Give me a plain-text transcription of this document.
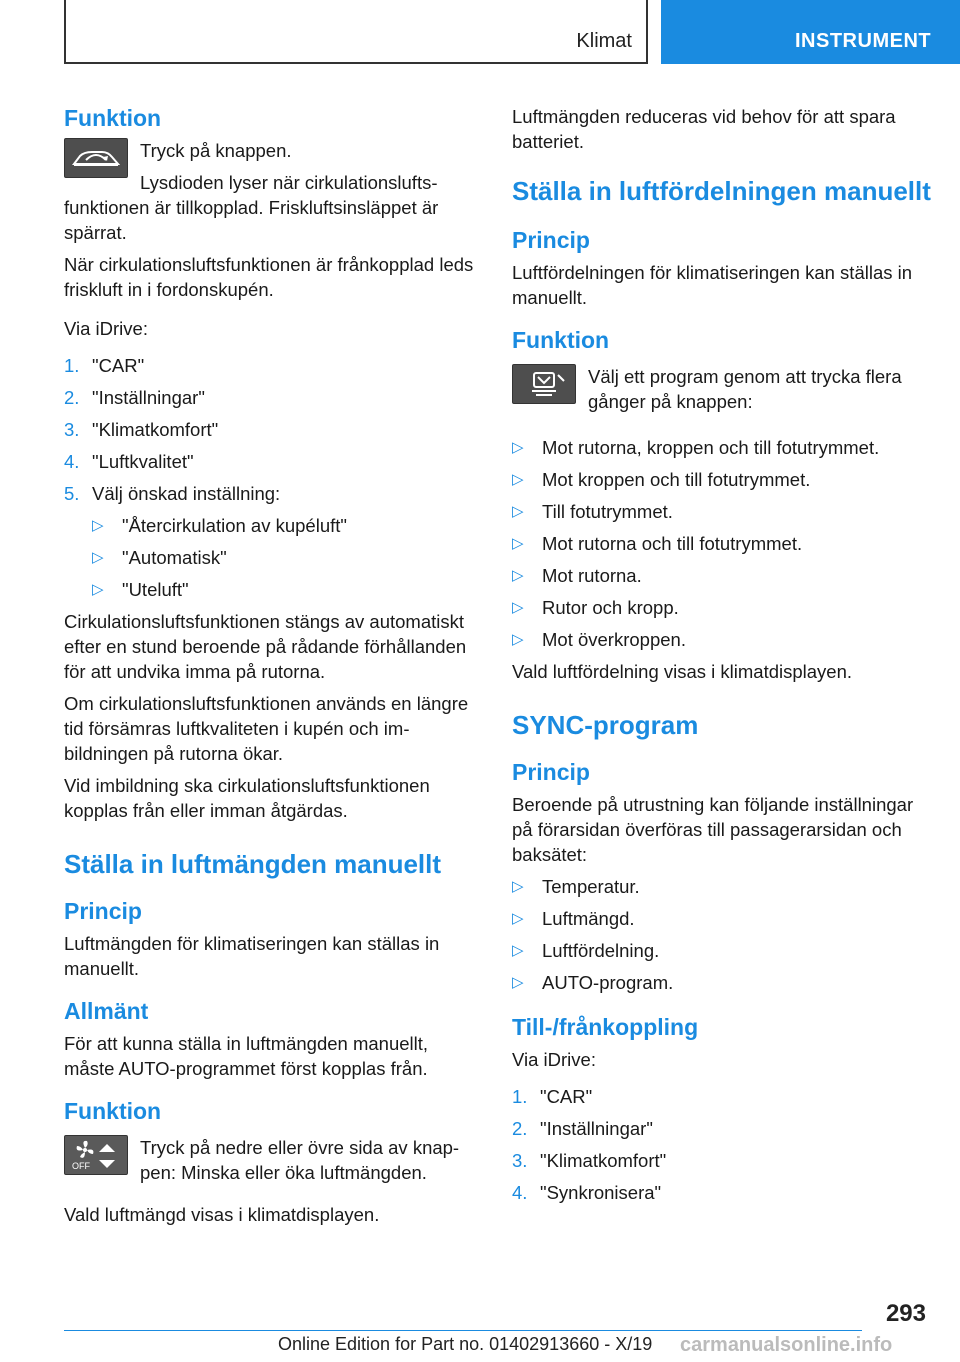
Klimat	INSTRUMENT
Funktion
Tryck på knappen.
Lysdioden lyser när cirkulationslufts-
funktionen är tillkopplad. Friskluftsinsläppet är spärrat.
När cirkulationsluftsfunktionen är frånkopplad leds friskluft in i fordonskupén.
Via iDrive:
1. "CAR"
2. "Inställningar"
3. "Klimatkomfort"
4. "Luftkvalitet"
5. Välj önskad inställning:
▷ "Återcirkulation av kupéluft"
▷ "Automatisk"
▷ "Uteluft"
Cirkulationsluftsfunktionen stängs av automatiskt efter en stund beroende på rådande förhållanden för att undvika imma på rutorna.
Om cirkulationsluftsfunktionen används en längre tid försämras luftkvaliteten i kupén och im-bildningen på rutorna ökar.
Vid imbildning ska cirkulationsluftsfunktionen kopplas från eller imman åtgärdas.
Ställa in luftmängden manuellt
Princip
Luftmängden för klimatiseringen kan ställas in manuellt.
Allmänt
För att kunna ställa in luftmängden manuellt, måste AUTO-programmet först kopplas från.
Funktion
OFF
Tryck på nedre eller övre sida av knap-pen: Minska eller öka luftmängden.
Vald luftmängd visas i klimatdisplayen.
Luftmängden reduceras vid behov för att spara batteriet.
Ställa in luftfördelningen manuellt
Princip
Luftfördelningen för klimatiseringen kan ställas in manuellt.
Funktion
Välj ett program genom att trycka flera gånger på knappen:
▷ Mot rutorna, kroppen och till fotutrymmet.
▷ Mot kroppen och till fotutrymmet.
▷ Till fotutrymmet.
▷ Mot rutorna och till fotutrymmet.
▷ Mot rutorna.
▷ Rutor och kropp.
▷ Mot överkroppen.
Vald luftfördelning visas i klimatdisplayen.
SYNC-program
Princip
Beroende på utrustning kan följande inställningar på förarsidan överföras till passagerarsidan och baksätet:
▷ Temperatur.
▷ Luftmängd.
▷ Luftfördelning.
▷ AUTO-program.
Till-/frånkoppling
Via iDrive:
1. "CAR"
2. "Inställningar"
3. "Klimatkomfort"
4. "Synkronisera"
293
Online Edition for Part no. 01402913660 - X/19 carmanualsonline.info
